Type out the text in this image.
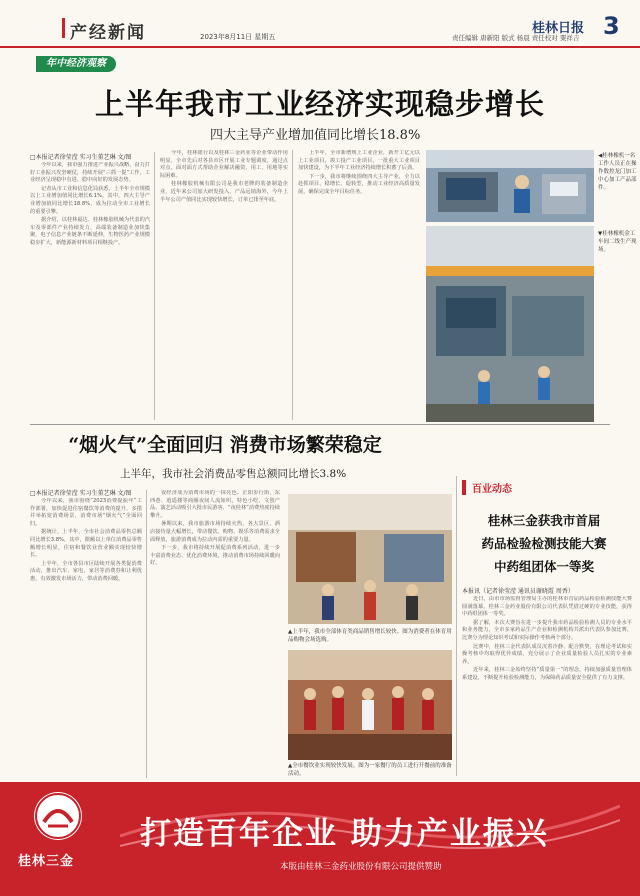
产经新闻	2023年8月11日 星期五	责任编辑 唐新阳 版式 杨晨 责任校对 粟祥吉
桂林日报 3
年中经济观察
上半年我市工业经济实现稳步增长
四大主导产业增加值同比增长18.8%
□本报记者徐莹滢 实习生董艺琳 文/图
今年以来，我市强力推进产业振兴战略，奋力打好工业振兴攻坚硬仗，持续开展“三抓一提”工作，工业经济呈现稳中有进、稳中向好的发展态势。
记者从市工业和信息化局获悉，上半年全市规模以上工业增加值同比增长6.1%，其中，四大主导产业增加值同比增长18.8%，成为拉动全市工业增长的重要引擎。
据介绍，以桂林福达、桂林橡胶机械为代表的汽车及零部件产业持续发力，高端装备制造业加快集聚，电子信息产业链条不断延伸，生物医药产业规模稳步扩大，新能源新材料项目相继投产。
今年，桂林银行以及桂林三金药业等企业带动作用明显，全市先后对各县市区开展工业专题调度，通过点对点、面对面方式帮助企业解决融资、用工、用地等实际困难。
桂林橡胶机械有限公司是我市老牌的装备制造企业，近年来公司加大研发投入，产品远销海外，今年上半年公司产值同比实现较快增长，订单已排至年底。
上半年，全市新增规上工业企业，新开工亿元以上工业项目，竣工投产工业项目，一批重大工业项目加快建设，为下半年工业经济持续增长积蓄了后劲。
下一步，我市将继续围绕四大主导产业，全力以赴抓项目、稳增长、促转型，推动工业经济高质量发展，确保完成全年目标任务。
◀桂林橡机一名工作人员正在操作数控龙门加工中心加工产品部件。
▼桂林橡机金工车间二线生产现场。
“烟火气”全面回归 消费市场繁荣稳定
上半年，我市社会消费品零售总额同比增长3.8%
□本报记者徐莹滢 实习生董艺琳 文/图
今年以来，我市围绕“2023消费提振年”工作部署，加快促进住宿餐饮等消费的提升，多措并举拓宽消费场景，消费市场“烟火气”全面回归。
据统计，上半年，全市社会消费品零售总额同比增长3.8%，其中，限额以上单位消费品零售额增长明显，住宿和餐饮业营业额实现较快增长。
上半年，全市各县市区陆续开展各类促消费活动，推出汽车、家电、家居等消费券和让利优惠，有效激发市场活力，带动消费回暖。
夜经济成为消费市场的一抹亮色。正阳步行街、东西巷、逍遥楼等商圈夜间人流如织，特色小吃、文创产品、演艺活动吸引大批市民游客，“夜桂林”消费热度持续攀升。
暑期以来，我市旅游市场持续火热，各大景区、酒店接待量大幅增长，带动餐饮、购物、娱乐等消费需求全面释放，旅游消费成为拉动内需的重要力量。
下一步，我市将持续开展促消费系列活动，进一步丰富消费业态，优化消费环境，推动消费市场持续回暖向好。
▲上半年，我市全部体育类商品销售增长较快。图为消费者在体育用品购物会场选购。
▲全市餐饮业实现较快发展。图为一家餐厅的员工进行开餐前的准备活动。
百业动态
桂林三金获我市首届
药品检验检测技能大赛
中药组团体一等奖
本报讯（记者徐莹滢 通讯员谢晓霞 周香）
近日，由市市场监督管理局主办的桂林市首届药品检验检测技能大赛圆满落幕。桂林三金药业股份有限公司代表队凭借过硬的专业技能，获得中药组团体一等奖。
据了解，本次大赛旨在进一步提升我市药品检验检测人员的专业水平和业务能力，全市多家药品生产企业和检测机构共派出代表队参加比赛。比赛分为理论知识考试和实际操作考核两个部分。
比赛中，桂林三金代表队成员沉着冷静、配合默契，在理论考试和实操考核中均取得优异成绩，充分展示了企业质量检验人员扎实的专业素养。
近年来，桂林三金始终坚持“质量第一”的理念，持续加强质量管理体系建设，不断提升检验检测能力，为保障药品质量安全提供了有力支撑。
桂林三金
打造百年企业 助力产业振兴
本版由桂林三金药业股份有限公司提供赞助
